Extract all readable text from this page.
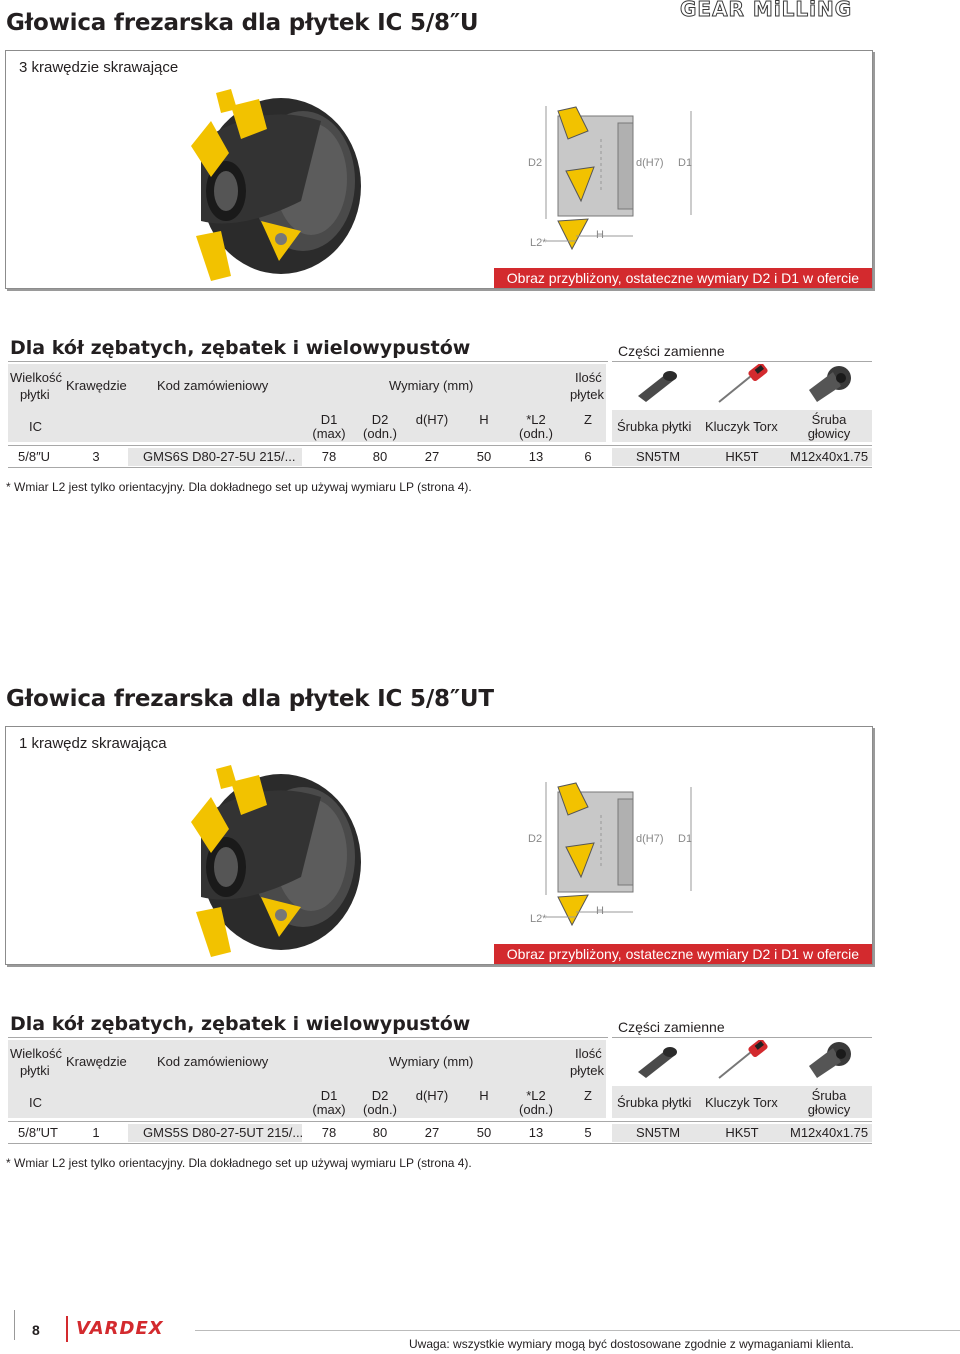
GEAR MiLLiNG
Głowica frezarska dla płytek IC 5/8″U
3 krawędzie skrawające
D2	d(H7) D1
L2*
H
Obraz przybliżony, ostateczne wymiary D2 i D1 w ofercie
Dla kół zębatych, zębatek i wielowypustów	Części zamienne
Wielkość
płytki
Krawędzie Kod zamówieniowy	Wymiary (mm)
Ilość
płytek
IC	D1
(max)
D2
(odn.)
d(H7)	H	*L2
(odn.)
Z	Śrubka płytki Kluczyk Torx	Śruba
głowicy
5/8″U	3	GMS6S D80-27-5U 215/...	78	80	27	50	13	6	SN5TM	HK5T	M12x40x1.75
* Wmiar L2 jest tylko orientacyjny. Dla dokładnego set up używaj wymiaru LP (strona 4).
Głowica frezarska dla płytek IC 5/8″UT
1 krawędz skrawająca
D2	d(H7) D1
L2*
H
Obraz przybliżony, ostateczne wymiary D2 i D1 w ofercie
Dla kół zębatych, zębatek i wielowypustów	Części zamienne
Wielkość
płytki
Krawędzie Kod zamówieniowy	Wymiary (mm)
Ilość
płytek
IC	D1
(max)
D2
(odn.)
d(H7)	H	*L2
(odn.)
Z	Śrubka płytki Kluczyk Torx	Śruba
głowicy
5/8″UT	1	GMS5S D80-27-5UT 215/...	78	80	27	50	13	5	SN5TM	HK5T	M12x40x1.75
* Wmiar L2 jest tylko orientacyjny. Dla dokładnego set up używaj wymiaru LP (strona 4).
8 VARDEX
Uwaga: wszystkie wymiary mogą być dostosowane zgodnie z wymaganiami klienta.
